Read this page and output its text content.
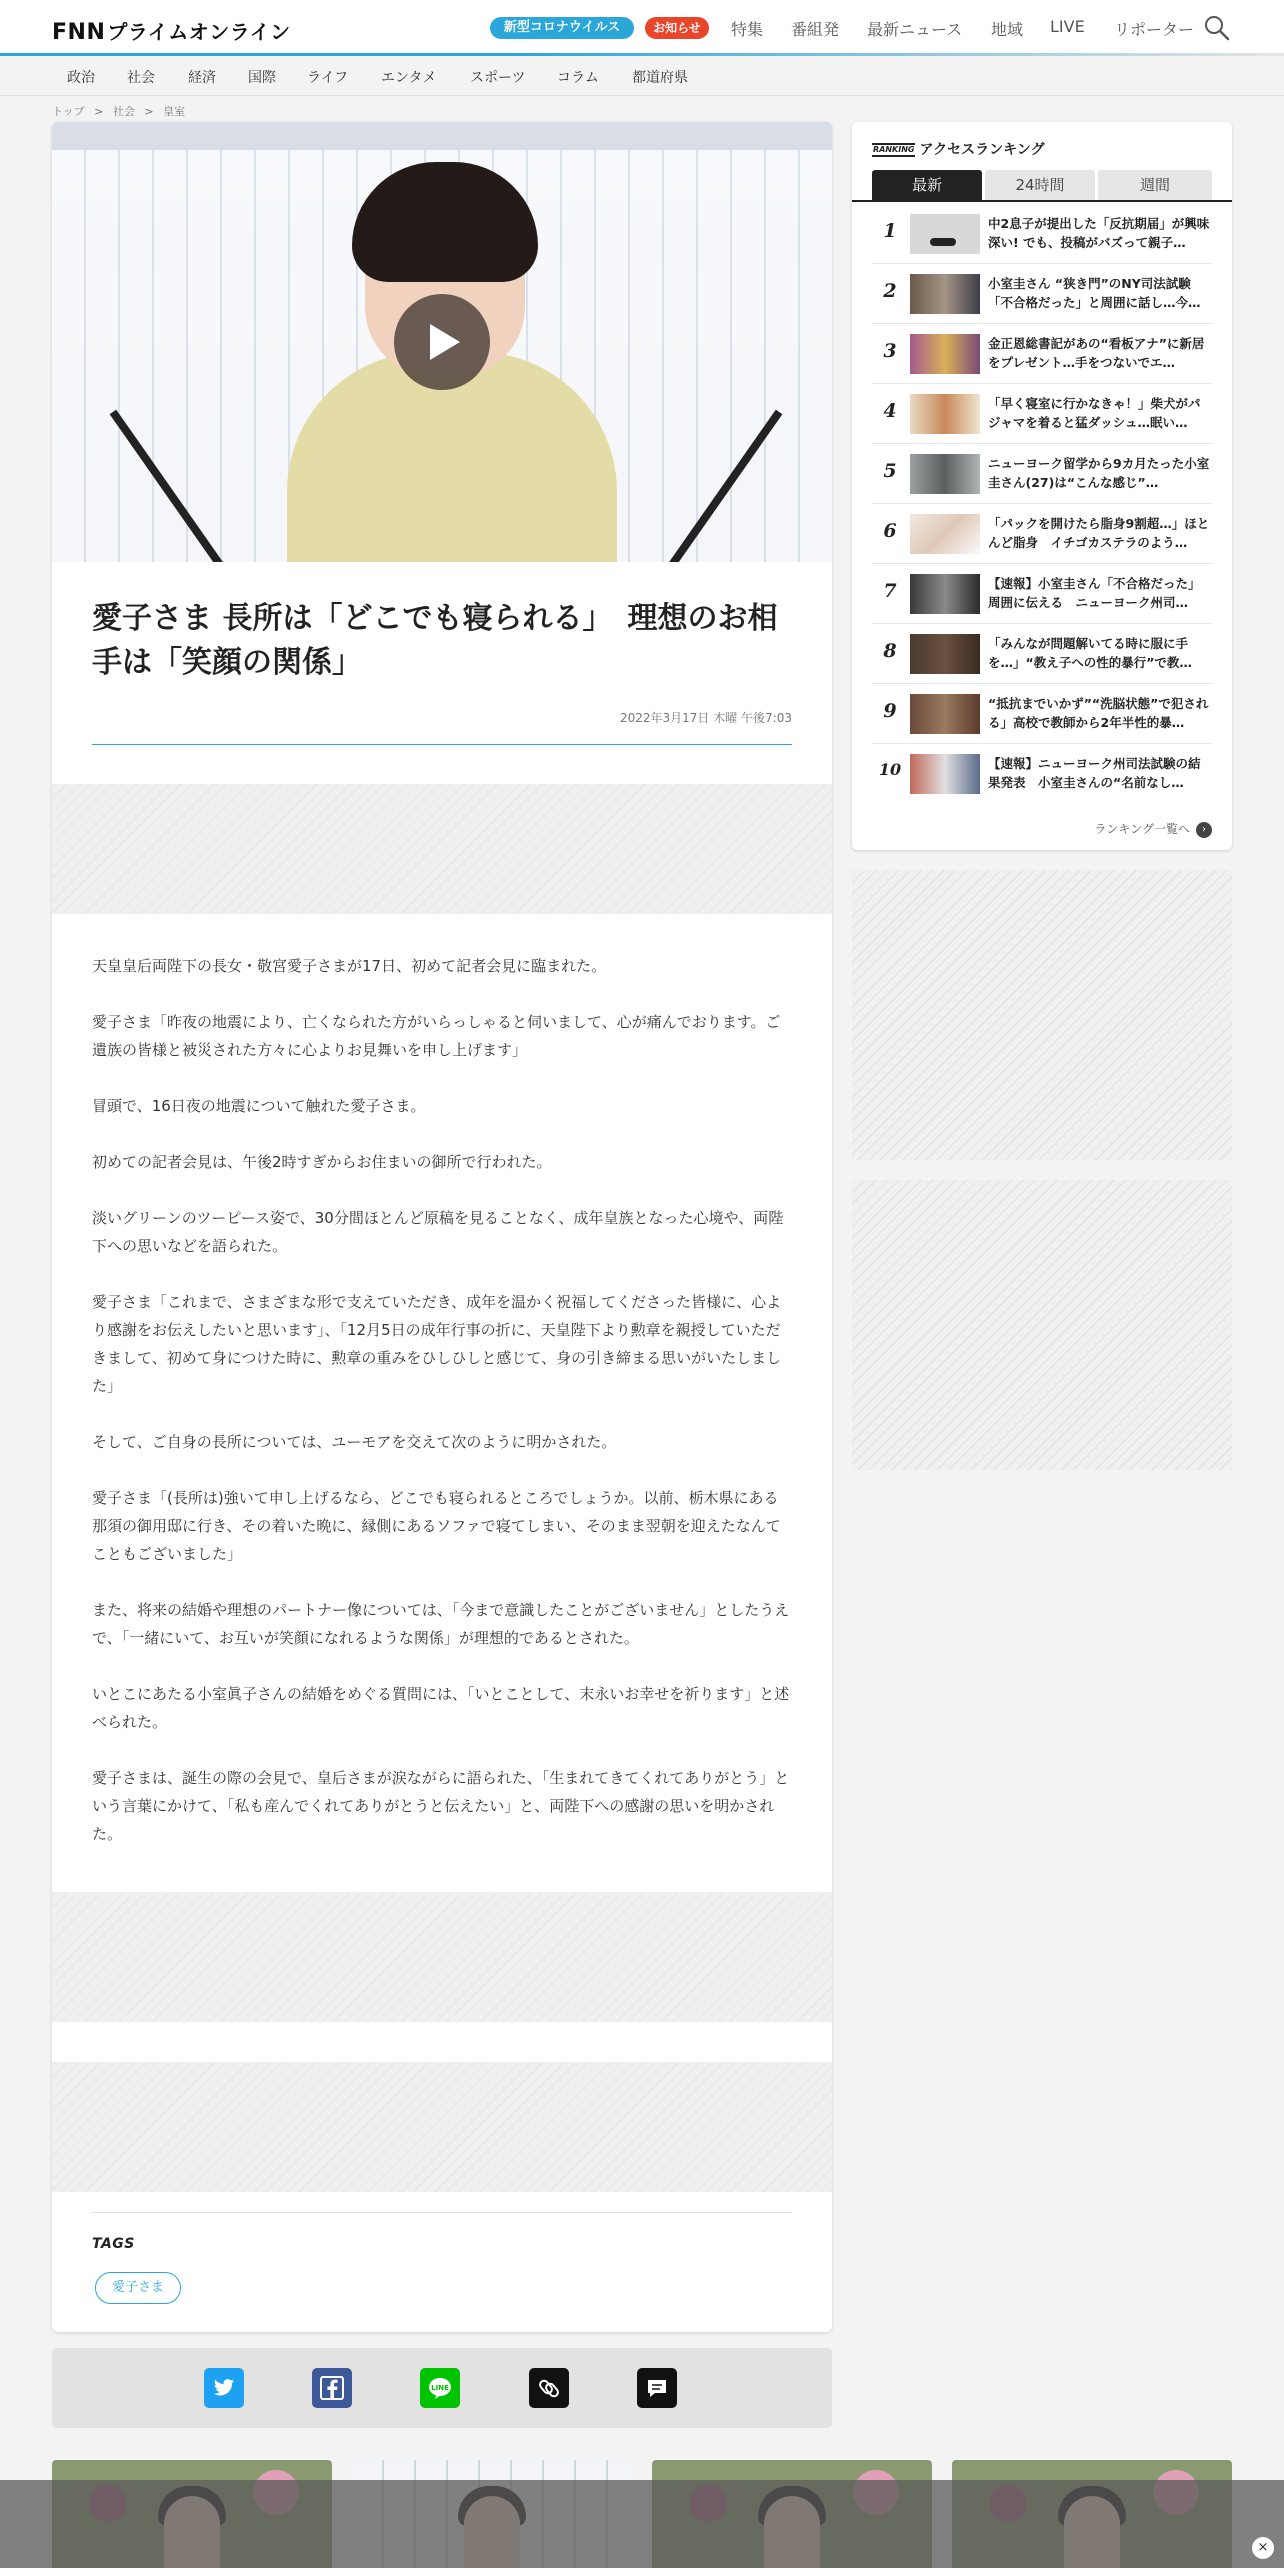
FNN プライムオンライン	新型コロナウイルス	お知らせ	特集 番組発 最新ニュース 地域 LIVE リポーター
政治 社会 経済 国際 ライフ エンタメ スポーツ コラム 都道府県
トップ > 社会 > 皇室
愛子さま 長所は「どこでも寝られる」　理想のお相手は「笑顔の関係」
2022年3月17日 木曜 午後7:03

天皇皇后両陛下の長女・敬宮愛子さまが17日、初めて記者会見に臨まれた。

愛子さま「昨夜の地震により、亡くなられた方がいらっしゃると伺いまして、心が痛んでおります。ご遺族の皆様と被災された方々に心よりお見舞いを申し上げます」

冒頭で、16日夜の地震について触れた愛子さま。

初めての記者会見は、午後2時すぎからお住まいの御所で行われた。

淡いグリーンのツーピース姿で、30分間ほとんど原稿を見ることなく、成年皇族となった心境や、両陛下への思いなどを語られた。

愛子さま「これまで、さまざまな形で支えていただき、成年を温かく祝福してくださった皆様に、心より感謝をお伝えしたいと思います」、「12月5日の成年行事の折に、天皇陛下より勲章を親授していただきまして、初めて身につけた時に、勲章の重みをひしひしと感じて、身の引き締まる思いがいたしました」

そして、ご自身の長所については、ユーモアを交えて次のように明かされた。

愛子さま「(長所は)強いて申し上げるなら、どこでも寝られるところでしょうか。以前、栃木県にある那須の御用邸に行き、その着いた晩に、縁側にあるソファで寝てしまい、そのまま翌朝を迎えたなんてこともございました」

また、将来の結婚や理想のパートナー像については、「今まで意識したことがございません」としたうえで、「一緒にいて、お互いが笑顔になれるような関係」が理想的であるとされた。

いとこにあたる小室眞子さんの結婚をめぐる質問には、「いとことして、末永いお幸せを祈ります」と述べられた。

愛子さまは、誕生の際の会見で、皇后さまが涙ながらに語られた、「生まれてきてくれてありがとう」という言葉にかけて、「私も産んでくれてありがとうと伝えたい」と、両陛下への感謝の思いを明かされた。

TAGS
愛子さま
LINE
RANKING アクセスランキング
最新	24時間	週間
1	中2息子が提出した「反抗期届」が興味深い! でも、投稿がバズって親子…
2	小室圭さん “狭き門”のNY司法試験「不合格だった」と周囲に話し…今…
3	金正恩総書記があの“看板アナ”に新居をプレゼント…手をつないでエ…
4	「早く寝室に行かなきゃ！」柴犬がパジャマを着ると猛ダッシュ…眠い…
5	ニューヨーク留学から9カ月たった小室圭さん(27)は“こんな感じ”…
6	「パックを開けたら脂身9割超…」ほとんど脂身　イチゴカステラのよう…
7	【速報】小室圭さん「不合格だった」周囲に伝える　ニューヨーク州司…
8	「みんなが問題解いてる時に服に手を…」“教え子への性的暴行”で教…
9	“抵抗までいかず”“洗脳状態”で犯される」高校で教師から2年半性的暴…
10	【速報】ニューヨーク州司法試験の結果発表　小室圭さんの“名前なし…
ランキング一覧へ ›
×
